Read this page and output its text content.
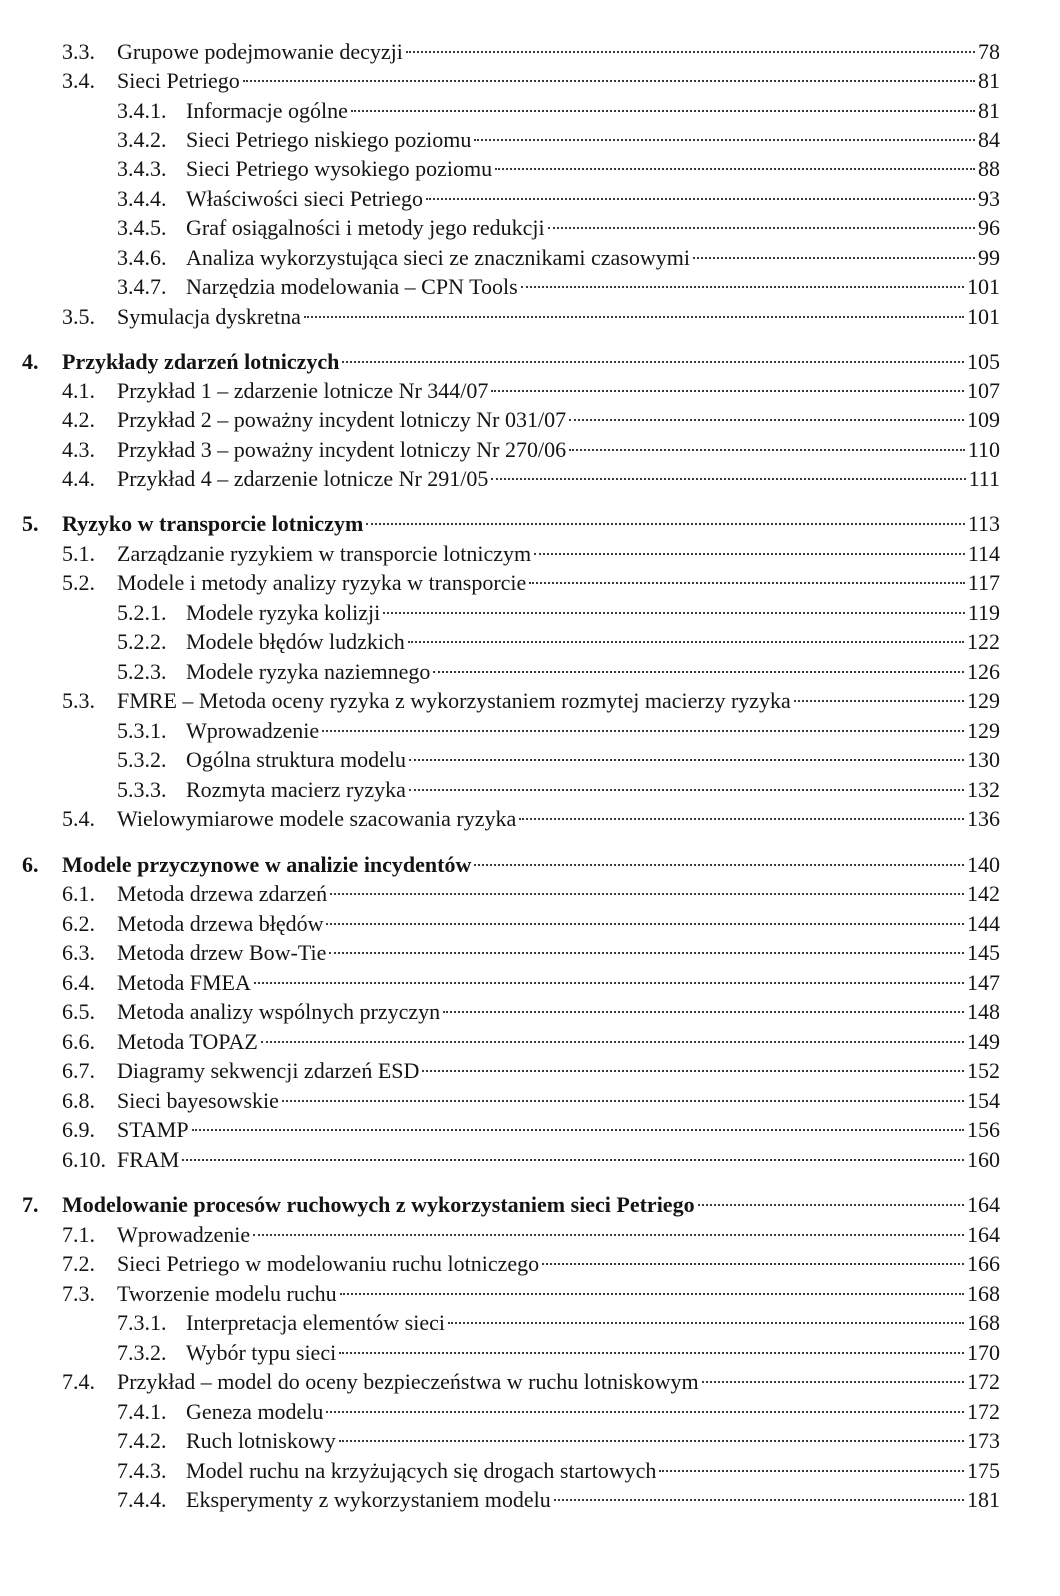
3.3. Grupowe podejmowanie decyzji	78
3.4. Sieci Petriego	81
3.4.1. Informacje ogólne	81
3.4.2. Sieci Petriego niskiego poziomu	84
3.4.3. Sieci Petriego wysokiego poziomu	88
3.4.4. Właściwości sieci Petriego	93
3.4.5. Graf osiągalności i metody jego redukcji	96
3.4.6. Analiza wykorzystująca sieci ze znacznikami czasowymi	99
3.4.7. Narzędzia modelowania – CPN Tools	101
3.5. Symulacja dyskretna	101
4. Przykłady zdarzeń lotniczych	105
4.1. Przykład 1 – zdarzenie lotnicze Nr 344/07	107
4.2. Przykład 2 – poważny incydent lotniczy Nr 031/07	109
4.3. Przykład 3 – poważny incydent lotniczy Nr 270/06	110
4.4. Przykład 4 – zdarzenie lotnicze Nr 291/05	111
5. Ryzyko w transporcie lotniczym	113
5.1. Zarządzanie ryzykiem w transporcie lotniczym	114
5.2. Modele i metody analizy ryzyka w transporcie	117
5.2.1. Modele ryzyka kolizji	119
5.2.2. Modele błędów ludzkich	122
5.2.3. Modele ryzyka naziemnego	126
5.3. FMRE – Metoda oceny ryzyka z wykorzystaniem rozmytej macierzy ryzyka	129
5.3.1. Wprowadzenie	129
5.3.2. Ogólna struktura modelu	130
5.3.3. Rozmyta macierz ryzyka	132
5.4. Wielowymiarowe modele szacowania ryzyka	136
6. Modele przyczynowe w analizie incydentów	140
6.1. Metoda drzewa zdarzeń	142
6.2. Metoda drzewa błędów	144
6.3. Metoda drzew Bow-Tie	145
6.4. Metoda FMEA	147
6.5. Metoda analizy wspólnych przyczyn	148
6.6. Metoda TOPAZ	149
6.7. Diagramy sekwencji zdarzeń ESD	152
6.8. Sieci bayesowskie	154
6.9. STAMP	156
6.10. FRAM	160
7. Modelowanie procesów ruchowych z wykorzystaniem sieci Petriego	164
7.1. Wprowadzenie	164
7.2. Sieci Petriego w modelowaniu ruchu lotniczego	166
7.3. Tworzenie modelu ruchu	168
7.3.1. Interpretacja elementów sieci	168
7.3.2. Wybór typu sieci	170
7.4. Przykład – model do oceny bezpieczeństwa w ruchu lotniskowym	172
7.4.1. Geneza modelu	172
7.4.2. Ruch lotniskowy	173
7.4.3. Model ruchu na krzyżujących się drogach startowych	175
7.4.4. Eksperymenty z wykorzystaniem modelu	181
